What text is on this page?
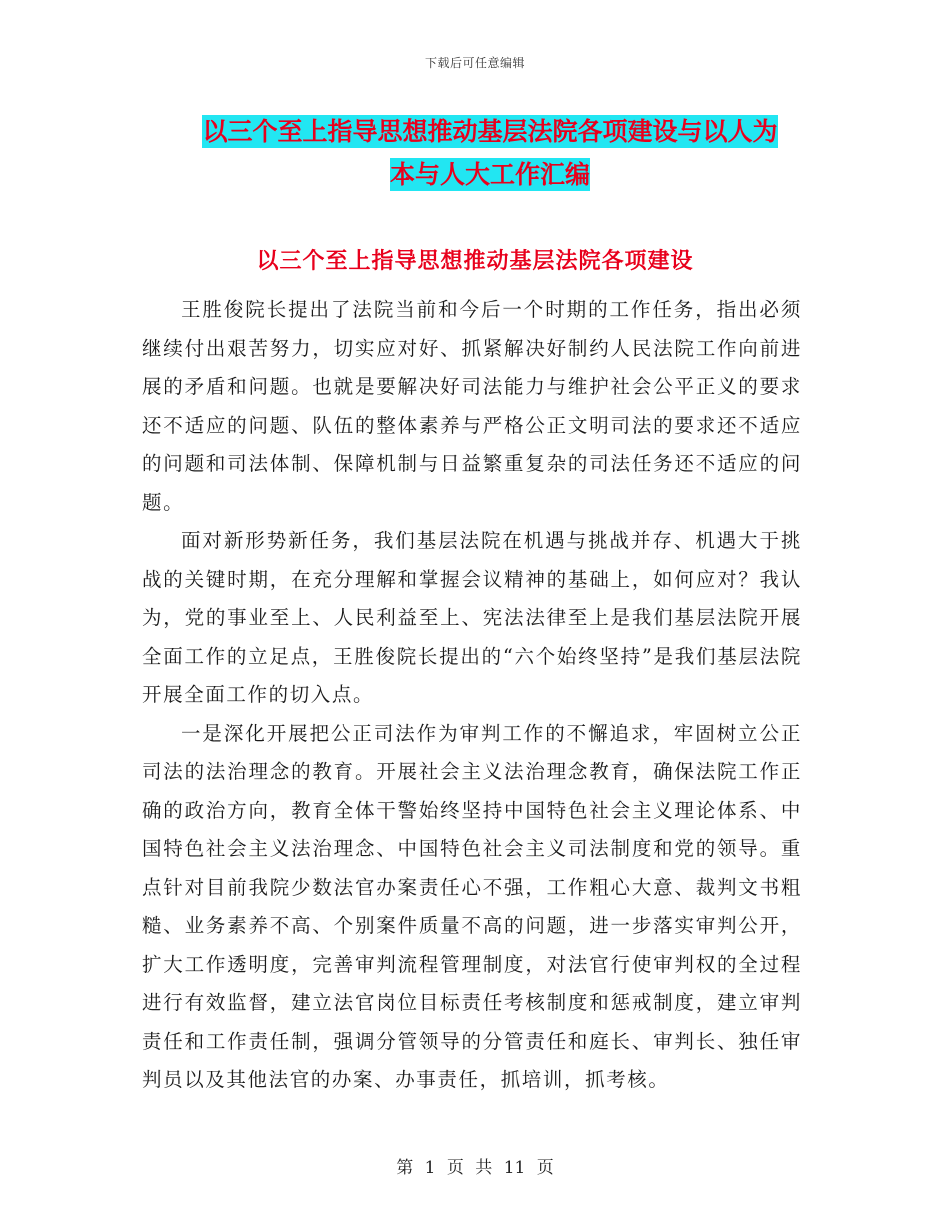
下载后可任意编辑
以三个至上指导思想推动基层法院各项建设与以人为
本与人大工作汇编
以三个至上指导思想推动基层法院各项建设

王胜俊院长提出了法院当前和今后一个时期的工作任务，指出必须继续付出艰苦努力，切实应对好、抓紧解决好制约人民法院工作向前进展的矛盾和问题。也就是要解决好司法能力与维护社会公平正义的要求还不适应的问题、队伍的整体素养与严格公正文明司法的要求还不适应的问题和司法体制、保障机制与日益繁重复杂的司法任务还不适应的问题。

面对新形势新任务，我们基层法院在机遇与挑战并存、机遇大于挑战的关键时期，在充分理解和掌握会议精神的基础上，如何应对？我认为，党的事业至上、人民利益至上、宪法法律至上是我们基层法院开展全面工作的立足点，王胜俊院长提出的“六个始终坚持”是我们基层法院开展全面工作的切入点。

一是深化开展把公正司法作为审判工作的不懈追求，牢固树立公正司法的法治理念的教育。开展社会主义法治理念教育，确保法院工作正确的政治方向，教育全体干警始终坚持中国特色社会主义理论体系、中国特色社会主义法治理念、中国特色社会主义司法制度和党的领导。重点针对目前我院少数法官办案责任心不强，工作粗心大意、裁判文书粗糙、业务素养不高、个别案件质量不高的问题，进一步落实审判公开，扩大工作透明度，完善审判流程管理制度，对法官行使审判权的全过程进行有效监督，建立法官岗位目标责任考核制度和惩戒制度，建立审判责任和工作责任制，强调分管领导的分管责任和庭长、审判长、独任审判员以及其他法官的办案、办事责任，抓培训，抓考核。

第 1 页 共 11 页
